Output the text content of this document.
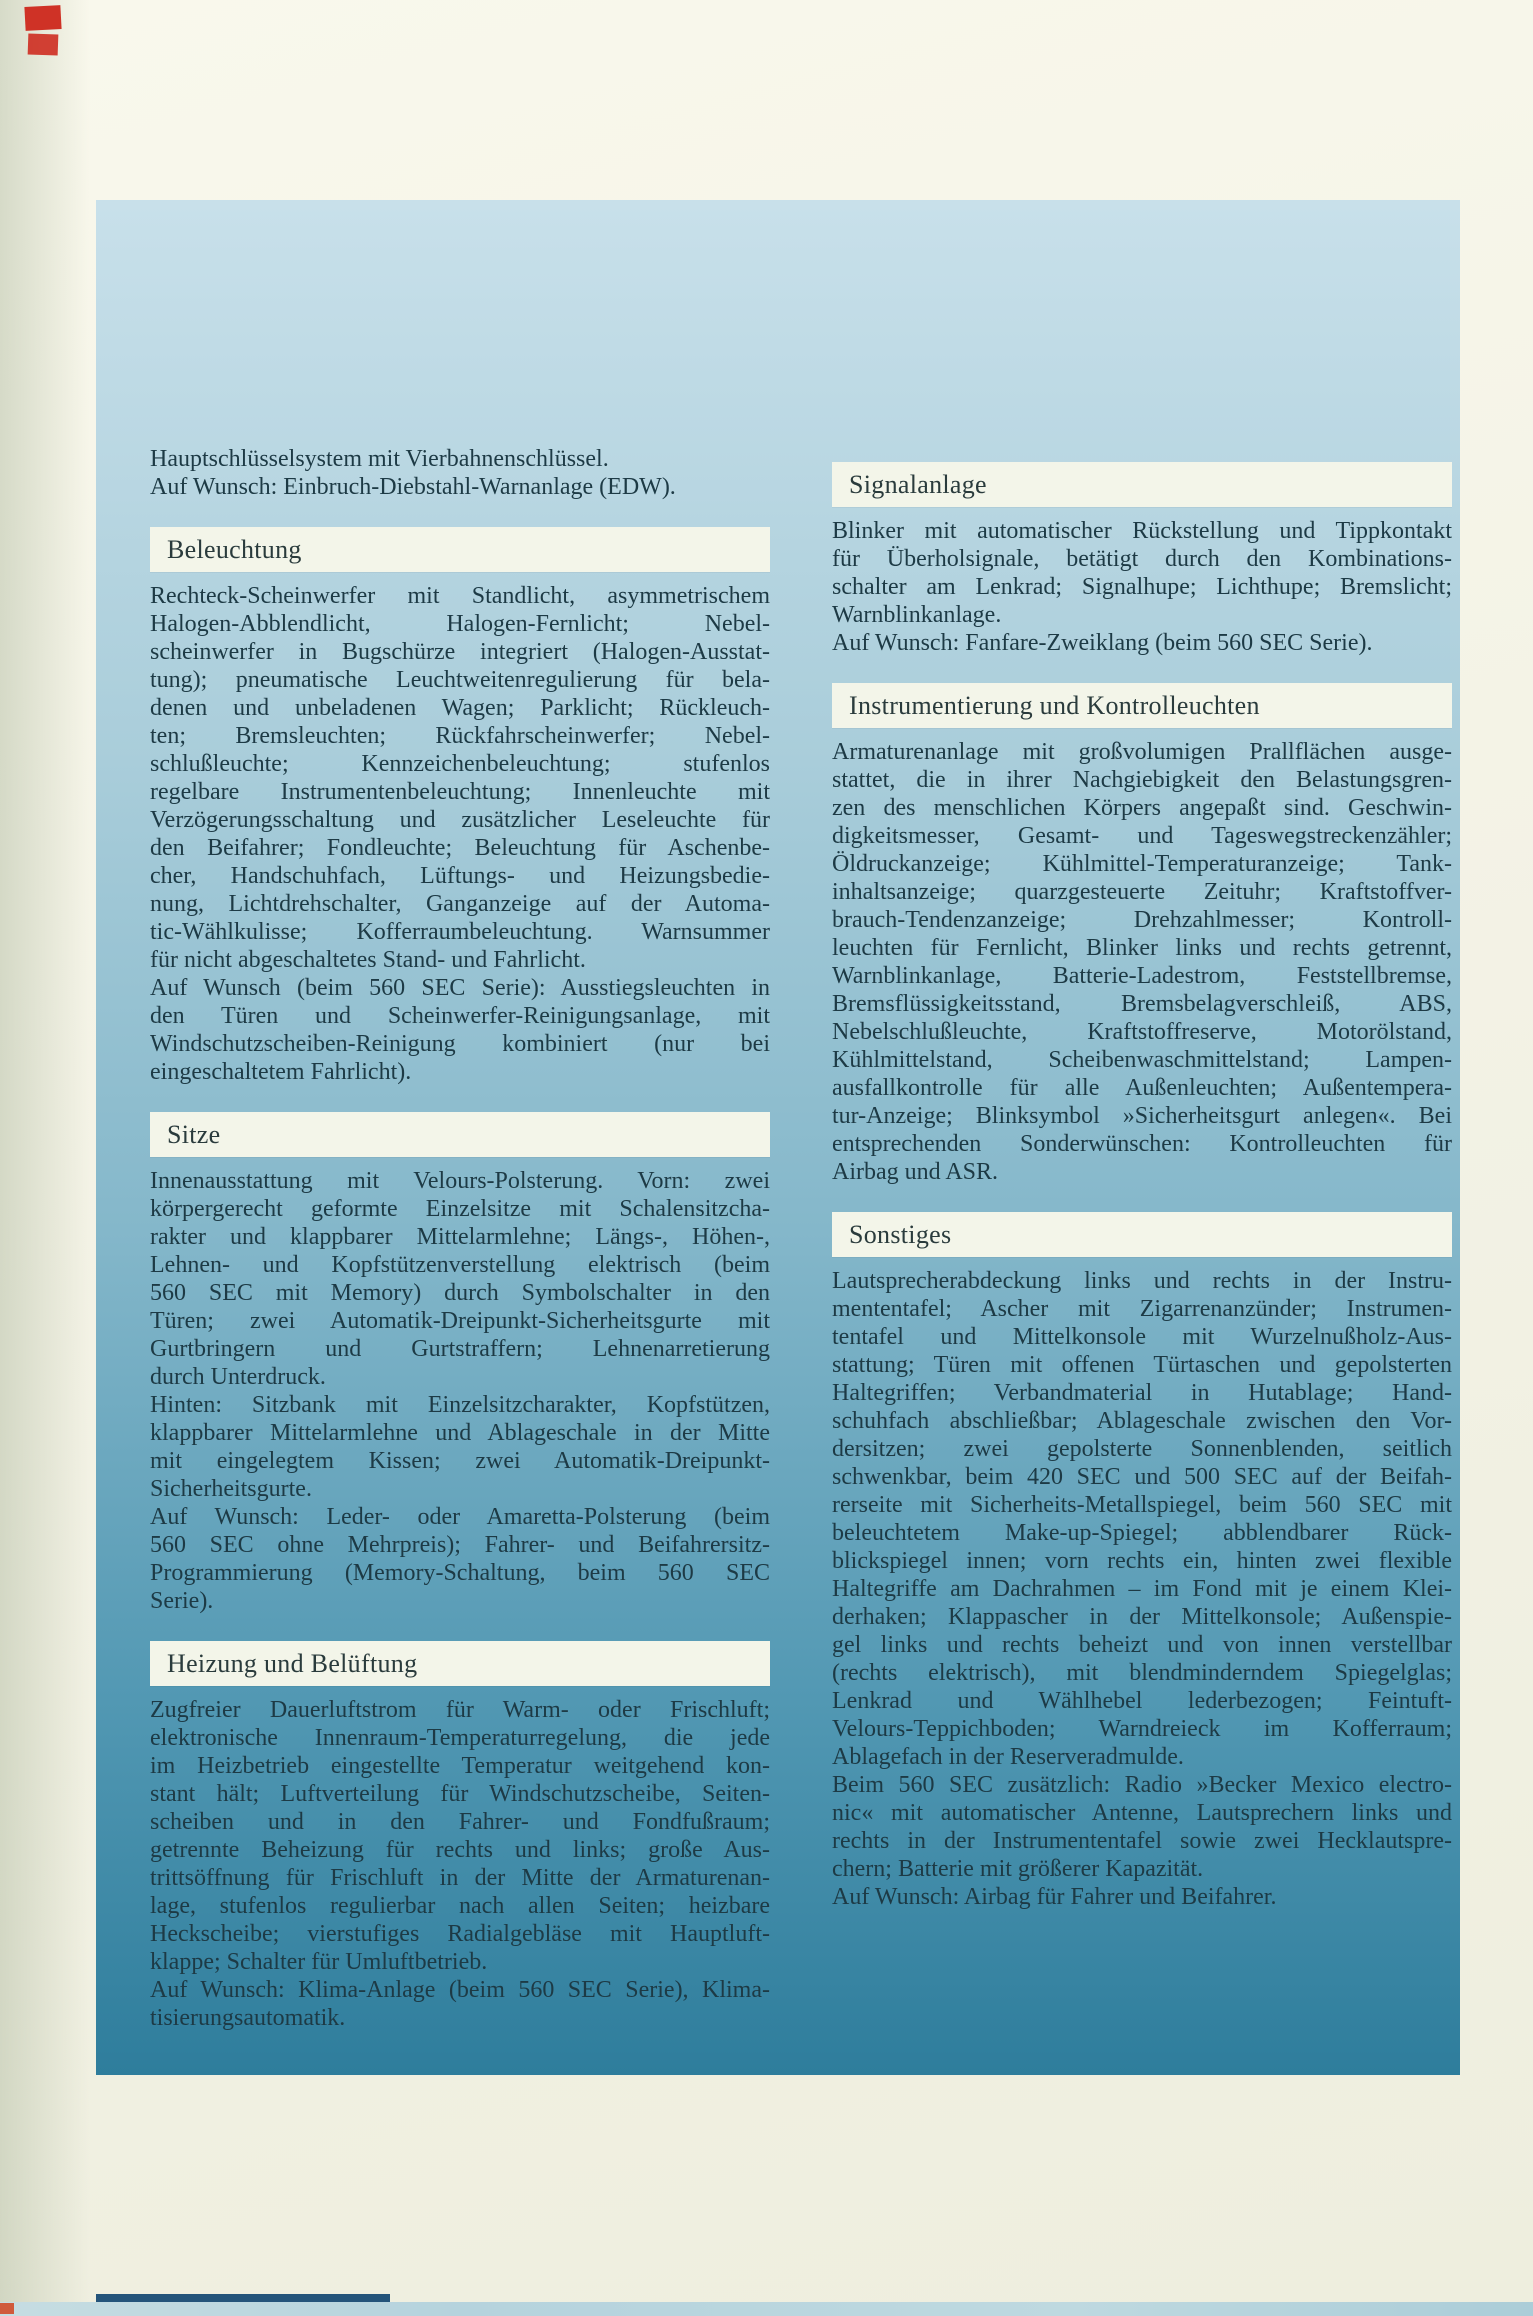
Hauptschlüsselsystem mit Vierbahnenschlüssel.
Auf Wunsch: Einbruch-Diebstahl-Warnanlage (EDW).
Beleuchtung
Rechteck-Scheinwerfer mit Standlicht, asymmetrischem
Halogen-Abblendlicht, Halogen-Fernlicht; Nebel-
scheinwerfer in Bugschürze integriert (Halogen-Ausstat-
tung); pneumatische Leuchtweitenregulierung für bela-
denen und unbeladenen Wagen; Parklicht; Rückleuch-
ten; Bremsleuchten; Rückfahrscheinwerfer; Nebel-
schlußleuchte; Kennzeichenbeleuchtung; stufenlos
regelbare Instrumentenbeleuchtung; Innenleuchte mit
Verzögerungsschaltung und zusätzlicher Leseleuchte für
den Beifahrer; Fondleuchte; Beleuchtung für Aschenbe-
cher, Handschuhfach, Lüftungs- und Heizungsbedie-
nung, Lichtdrehschalter, Ganganzeige auf der Automa-
tic-Wählkulisse; Kofferraumbeleuchtung. Warnsummer
für nicht abgeschaltetes Stand- und Fahrlicht.
Auf Wunsch (beim 560 SEC Serie): Ausstiegsleuchten in
den Türen und Scheinwerfer-Reinigungsanlage, mit
Windschutzscheiben-Reinigung kombiniert (nur bei
eingeschaltetem Fahrlicht).
Sitze
Innenausstattung mit Velours-Polsterung. Vorn: zwei
körpergerecht geformte Einzelsitze mit Schalensitzcha-
rakter und klappbarer Mittelarmlehne; Längs-, Höhen-,
Lehnen- und Kopfstützenverstellung elektrisch (beim
560 SEC mit Memory) durch Symbolschalter in den
Türen; zwei Automatik-Dreipunkt-Sicherheitsgurte mit
Gurtbringern und Gurtstraffern; Lehnenarretierung
durch Unterdruck.
Hinten: Sitzbank mit Einzelsitzcharakter, Kopfstützen,
klappbarer Mittelarmlehne und Ablageschale in der Mitte
mit eingelegtem Kissen; zwei Automatik-Dreipunkt-
Sicherheitsgurte.
Auf Wunsch: Leder- oder Amaretta-Polsterung (beim
560 SEC ohne Mehrpreis); Fahrer- und Beifahrersitz-
Programmierung (Memory-Schaltung, beim 560 SEC
Serie).
Heizung und Belüftung
Zugfreier Dauerluftstrom für Warm- oder Frischluft;
elektronische Innenraum-Temperaturregelung, die jede
im Heizbetrieb eingestellte Temperatur weitgehend kon-
stant hält; Luftverteilung für Windschutzscheibe, Seiten-
scheiben und in den Fahrer- und Fondfußraum;
getrennte Beheizung für rechts und links; große Aus-
trittsöffnung für Frischluft in der Mitte der Armaturenan-
lage, stufenlos regulierbar nach allen Seiten; heizbare
Heckscheibe; vierstufiges Radialgebläse mit Hauptluft-
klappe; Schalter für Umluftbetrieb.
Auf Wunsch: Klima-Anlage (beim 560 SEC Serie), Klima-
tisierungsautomatik.
Signalanlage
Blinker mit automatischer Rückstellung und Tippkontakt
für Überholsignale, betätigt durch den Kombinations-
schalter am Lenkrad; Signalhupe; Lichthupe; Bremslicht;
Warnblinkanlage.
Auf Wunsch: Fanfare-Zweiklang (beim 560 SEC Serie).
Instrumentierung und Kontrolleuchten
Armaturenanlage mit großvolumigen Prallflächen ausge-
stattet, die in ihrer Nachgiebigkeit den Belastungsgren-
zen des menschlichen Körpers angepaßt sind. Geschwin-
digkeitsmesser, Gesamt- und Tageswegstreckenzähler;
Öldruckanzeige; Kühlmittel-Temperaturanzeige; Tank-
inhaltsanzeige; quarzgesteuerte Zeituhr; Kraftstoffver-
brauch-Tendenzanzeige; Drehzahlmesser; Kontroll-
leuchten für Fernlicht, Blinker links und rechts getrennt,
Warnblinkanlage, Batterie-Ladestrom, Feststellbremse,
Bremsflüssigkeitsstand, Bremsbelagverschleiß, ABS,
Nebelschlußleuchte, Kraftstoffreserve, Motorölstand,
Kühlmittelstand, Scheibenwaschmittelstand; Lampen-
ausfallkontrolle für alle Außenleuchten; Außentempera-
tur-Anzeige; Blinksymbol »Sicherheitsgurt anlegen«. Bei
entsprechenden Sonderwünschen: Kontrolleuchten für
Airbag und ASR.
Sonstiges
Lautsprecherabdeckung links und rechts in der Instru-
mententafel; Ascher mit Zigarrenanzünder; Instrumen-
tentafel und Mittelkonsole mit Wurzelnußholz-Aus-
stattung; Türen mit offenen Türtaschen und gepolsterten
Haltegriffen; Verbandmaterial in Hutablage; Hand-
schuhfach abschließbar; Ablageschale zwischen den Vor-
dersitzen; zwei gepolsterte Sonnenblenden, seitlich
schwenkbar, beim 420 SEC und 500 SEC auf der Beifah-
rerseite mit Sicherheits-Metallspiegel, beim 560 SEC mit
beleuchtetem Make-up-Spiegel; abblendbarer Rück-
blickspiegel innen; vorn rechts ein, hinten zwei flexible
Haltegriffe am Dachrahmen – im Fond mit je einem Klei-
derhaken; Klappascher in der Mittelkonsole; Außenspie-
gel links und rechts beheizt und von innen verstellbar
(rechts elektrisch), mit blendminderndem Spiegelglas;
Lenkrad und Wählhebel lederbezogen; Feintuft-
Velours-Teppichboden; Warndreieck im Kofferraum;
Ablagefach in der Reserveradmulde.
Beim 560 SEC zusätzlich: Radio »Becker Mexico electro-
nic« mit automatischer Antenne, Lautsprechern links und
rechts in der Instrumententafel sowie zwei Hecklautspre-
chern; Batterie mit größerer Kapazität.
Auf Wunsch: Airbag für Fahrer und Beifahrer.
